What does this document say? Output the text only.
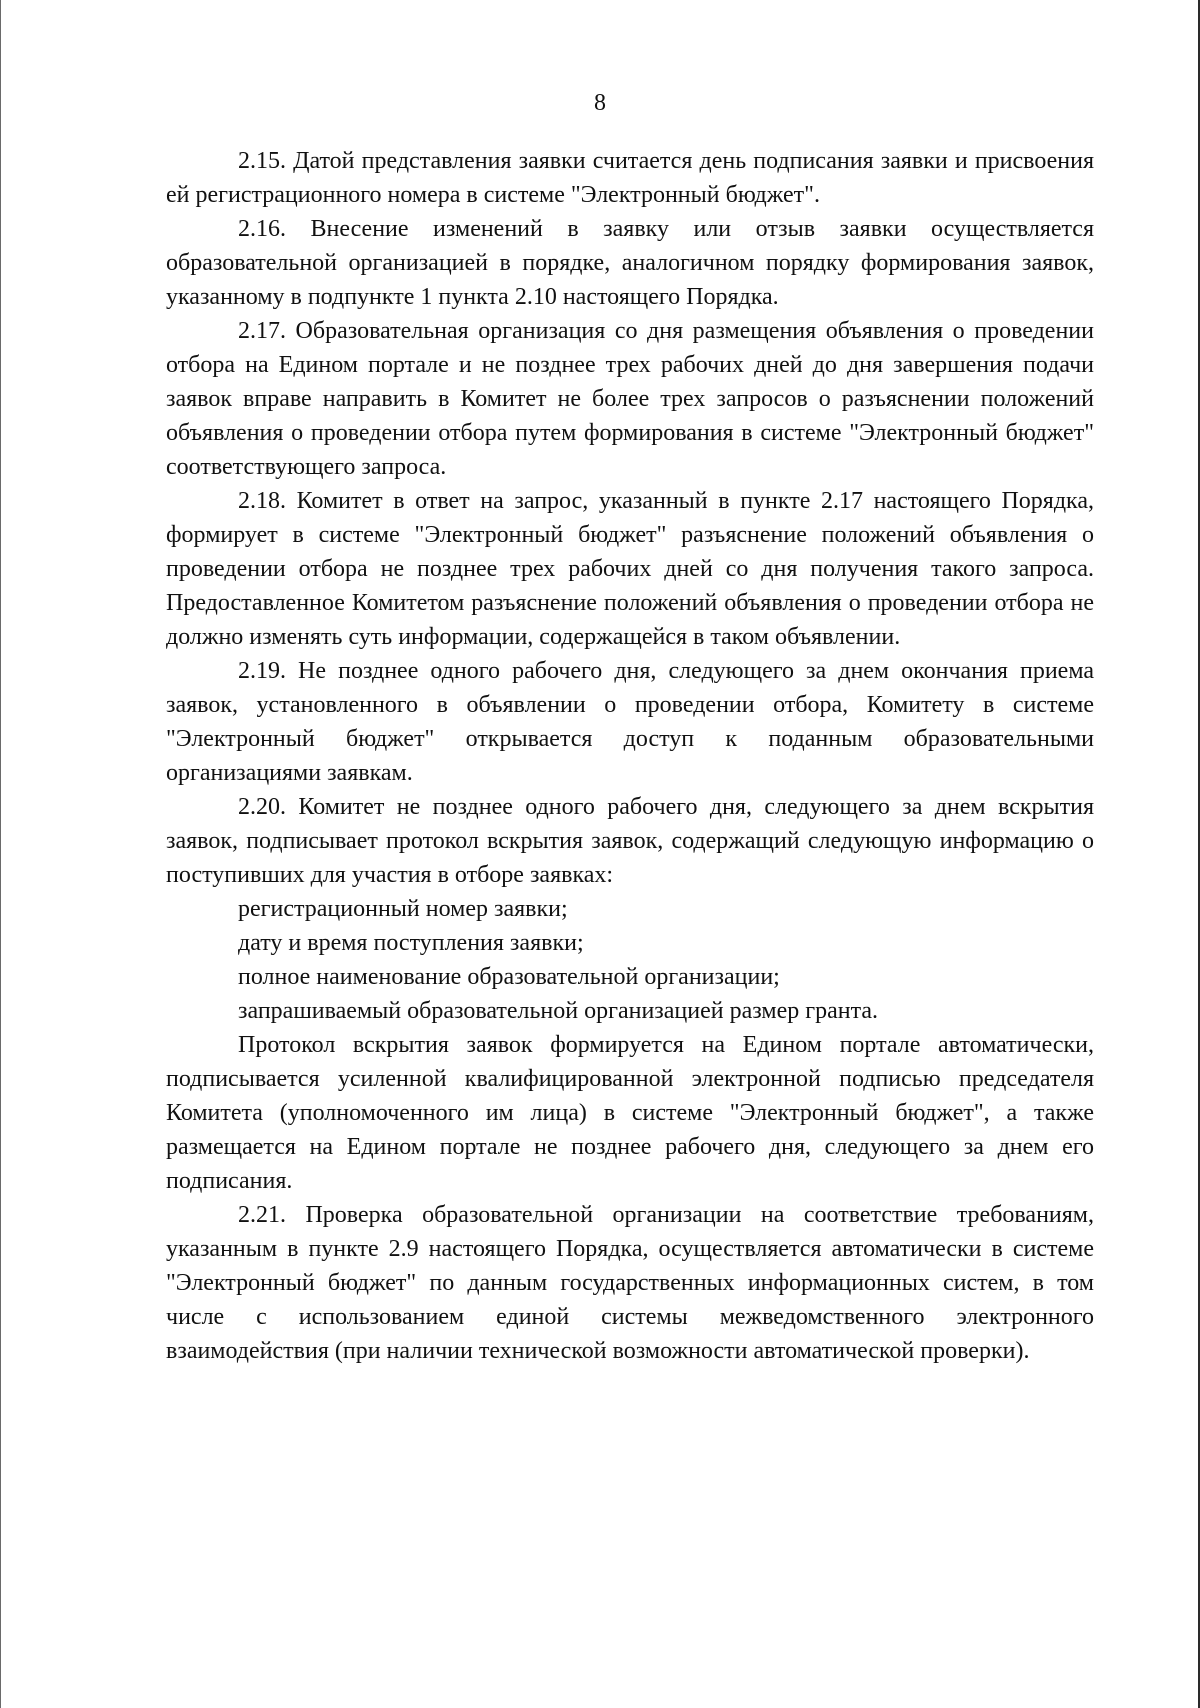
8

2.15. Датой представления заявки считается день подписания заявки и присвоения ей регистрационного номера в системе "Электронный бюджет".

2.16. Внесение изменений в заявку или отзыв заявки осуществляется образовательной организацией в порядке, аналогичном порядку формирования заявок, указанному в подпункте 1 пункта 2.10 настоящего Порядка.

2.17. Образовательная организация со дня размещения объявления о проведении отбора на Едином портале и не позднее трех рабочих дней до дня завершения подачи заявок вправе направить в Комитет не более трех запросов о разъяснении положений объявления о проведении отбора путем формирования в системе "Электронный бюджет" соответствующего запроса.

2.18. Комитет в ответ на запрос, указанный в пункте 2.17 настоящего Порядка, формирует в системе "Электронный бюджет" разъяснение положений объявления о проведении отбора не позднее трех рабочих дней со дня получения такого запроса. Предоставленное Комитетом разъяснение положений объявления о проведении отбора не должно изменять суть информации, содержащейся в таком объявлении.

2.19. Не позднее одного рабочего дня, следующего за днем окончания приема заявок, установленного в объявлении о проведении отбора, Комитету в системе "Электронный бюджет" открывается доступ к поданным образовательными организациями заявкам.

2.20. Комитет не позднее одного рабочего дня, следующего за днем вскрытия заявок, подписывает протокол вскрытия заявок, содержащий следующую информацию о поступивших для участия в отборе заявках:

регистрационный номер заявки;

дату и время поступления заявки;

полное наименование образовательной организации;

запрашиваемый образовательной организацией размер гранта.

Протокол вскрытия заявок формируется на Едином портале автоматически, подписывается усиленной квалифицированной электронной подписью председателя Комитета (уполномоченного им лица) в системе "Электронный бюджет", а также размещается на Едином портале не позднее рабочего дня, следующего за днем его подписания.

2.21. Проверка образовательной организации на соответствие требованиям, указанным в пункте 2.9 настоящего Порядка, осуществляется автоматически в системе "Электронный бюджет" по данным государственных информационных систем, в том числе с использованием единой системы межведомственного электронного взаимодействия (при наличии технической возможности автоматической проверки).
